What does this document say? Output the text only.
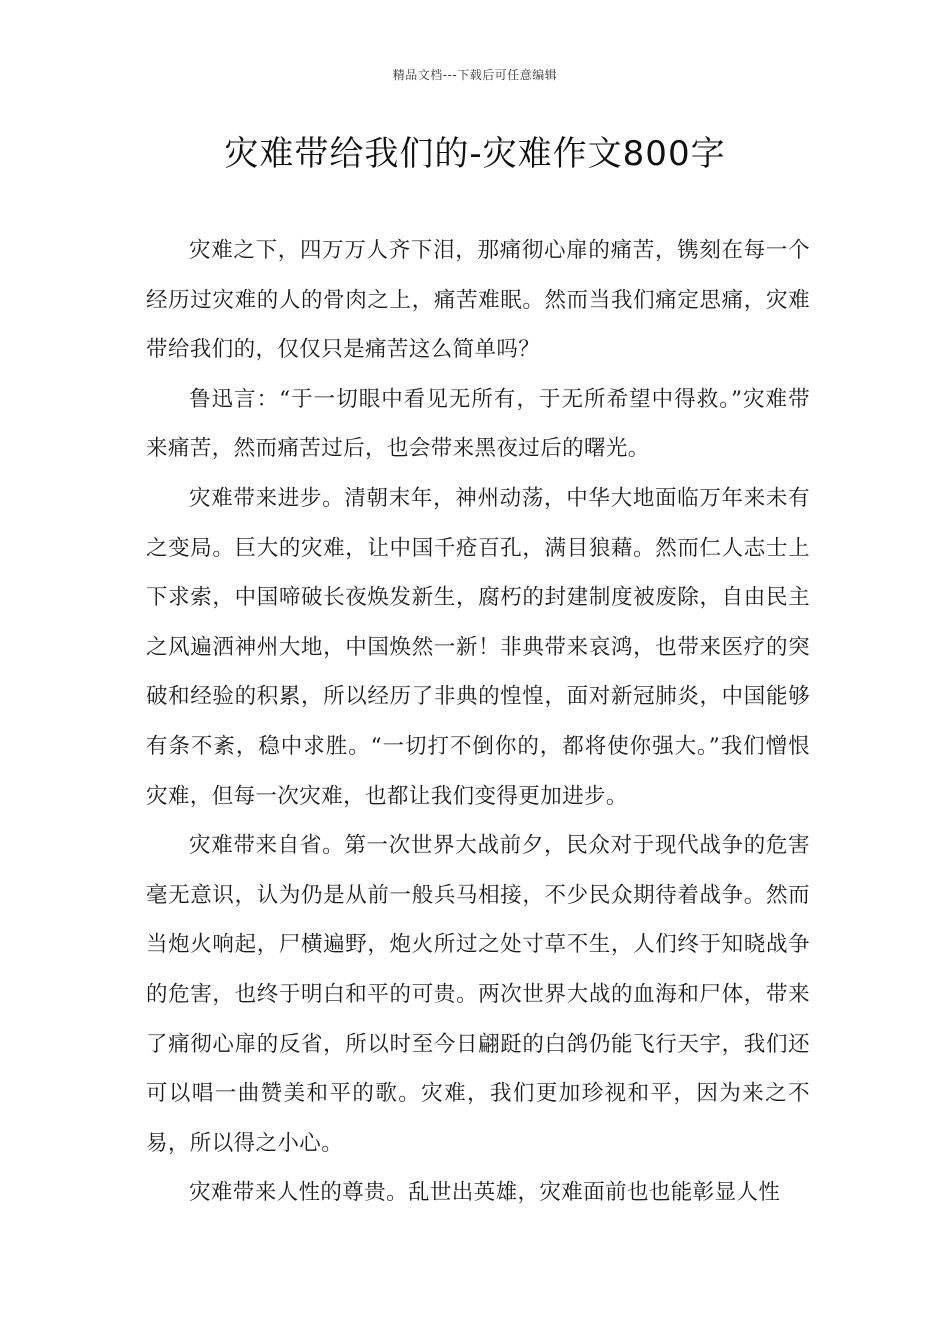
精品文档---下载后可任意编辑
灾难带给我们的-灾难作文800字

灾难之下，四万万人齐下泪，那痛彻心扉的痛苦，镌刻在每一个经历过灾难的人的骨肉之上，痛苦难眠。然而当我们痛定思痛，灾难带给我们的，仅仅只是痛苦这么简单吗？

鲁迅言：“于一切眼中看见无所有，于无所希望中得救。”灾难带来痛苦，然而痛苦过后，也会带来黑夜过后的曙光。

灾难带来进步。清朝末年，神州动荡，中华大地面临万年来未有之变局。巨大的灾难，让中国千疮百孔，满目狼藉。然而仁人志士上下求索，中国啼破长夜焕发新生，腐朽的封建制度被废除，自由民主之风遍洒神州大地，中国焕然一新！非典带来哀鸿，也带来医疗的突破和经验的积累，所以经历了非典的惶惶，面对新冠肺炎，中国能够有条不紊，稳中求胜。“一切打不倒你的，都将使你强大。”我们憎恨灾难，但每一次灾难，也都让我们变得更加进步。

灾难带来自省。第一次世界大战前夕，民众对于现代战争的危害毫无意识，认为仍是从前一般兵马相接，不少民众期待着战争。然而当炮火响起，尸横遍野，炮火所过之处寸草不生，人们终于知晓战争的危害，也终于明白和平的可贵。两次世界大战的血海和尸体，带来了痛彻心扉的反省，所以时至今日翩跹的白鸽仍能飞行天宇，我们还可以唱一曲赞美和平的歌。灾难，我们更加珍视和平，因为来之不易，所以得之小心。

灾难带来人性的尊贵。乱世出英雄，灾难面前也也能彰显人性
